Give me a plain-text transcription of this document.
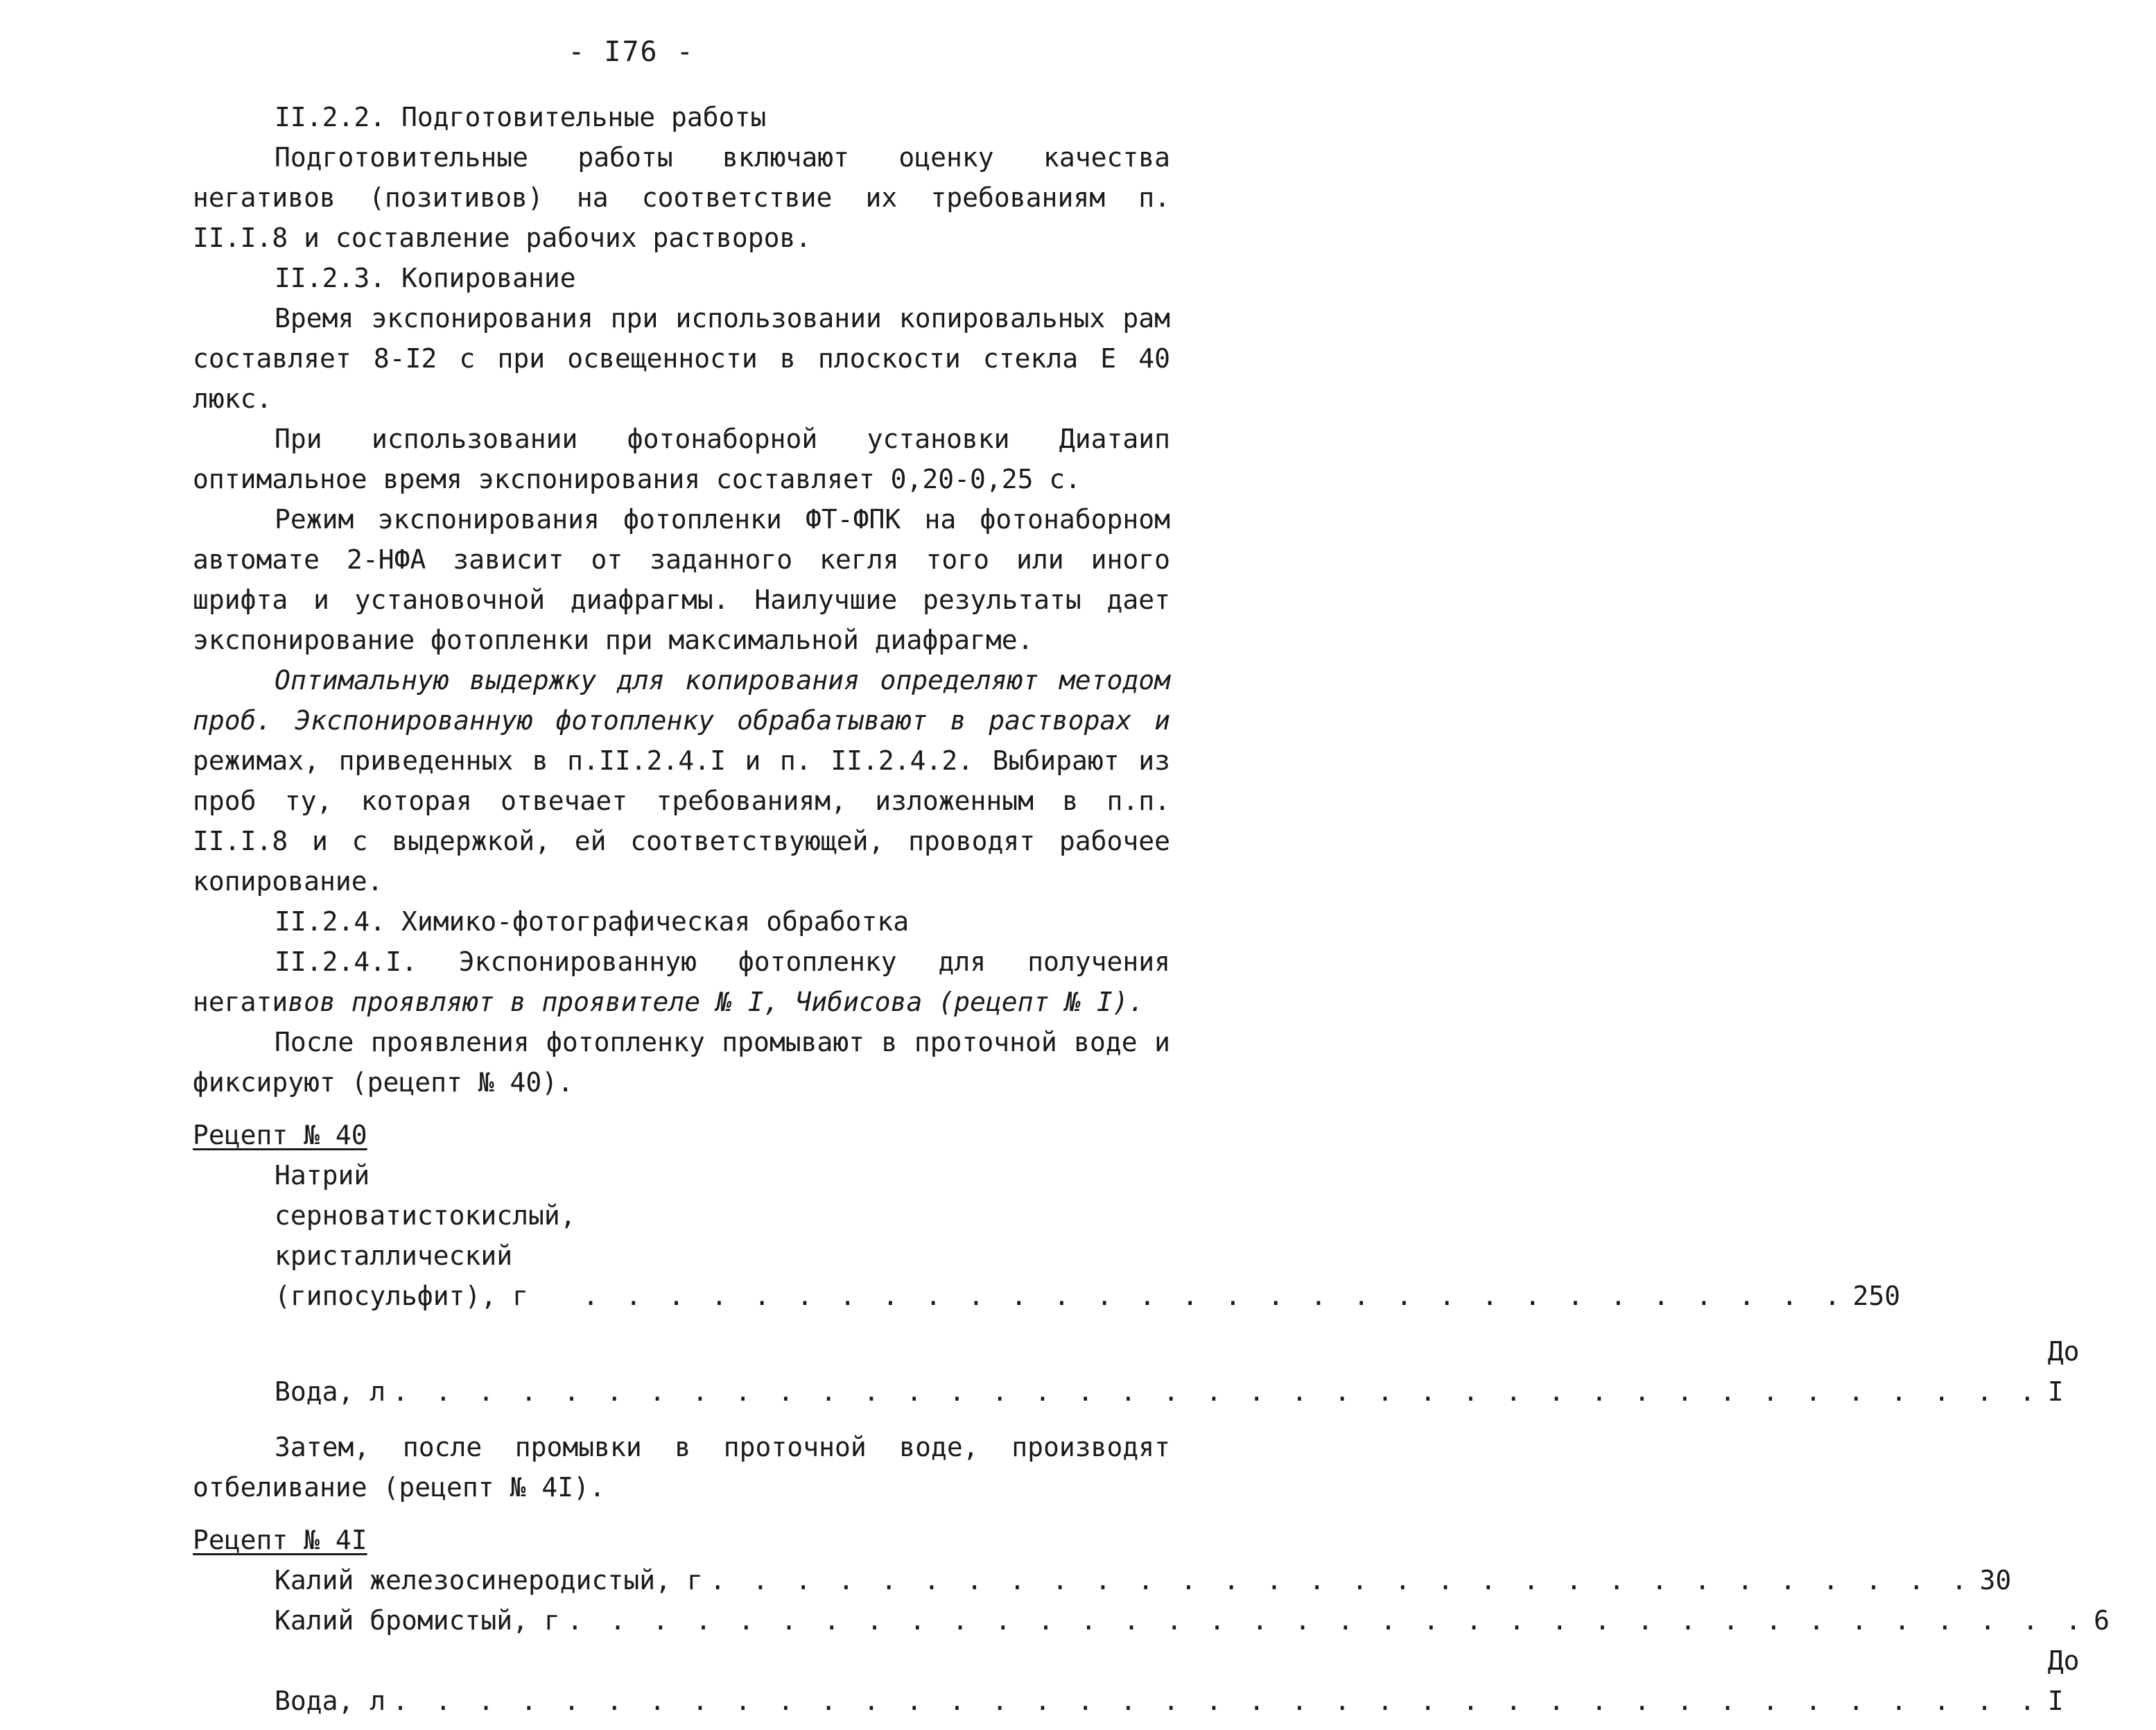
- I76 -

II.2.2. Подготовительные работы

Подготовительные работы включают оценку качества негативов (позитивов) на соответствие их требованиям п. II.I.8 и составление рабочих растворов.

II.2.3. Копирование

Время экспонирования при использовании копировальных рам составляет 8-I2 с при освещенности в плоскости стекла Е 40 люкс.

При использовании фотонаборной установки Диатаип оптимальное время экспонирования составляет 0,20-0,25 с.

Режим экспонирования фотопленки ФТ-ФПК на фотонаборном автомате 2-НФА зависит от заданного кегля того или иного шрифта и установочной диафрагмы. Наилучшие результаты дает экспонирование фотопленки при максимальной диафрагме.

Оптимальную выдержку для копирования определяют методом проб. Экспонированную фотопленку обрабатывают в растворах и режимах, приведенных в п.II.2.4.I и п. II.2.4.2. Выбирают из проб ту, которая отвечает требованиям, изложенным в п.п. II.I.8 и с выдержкой, ей соответствующей, проводят рабочее копирование.

II.2.4. Химико-фотографическая обработка

II.2.4.I. Экспонированную фотопленку для получения негативов проявляют в проявителе № I, Чибисова (рецепт № I).

После проявления фотопленку промывают в проточной воде и фиксируют (рецепт № 40).

Рецепт № 40

Натрий серноватистокислый, кристаллический
(гипосульфит), г	. . . . . . . . . . . . . . . . . . . . . . . . . . . . . . 250
Вода, л . . . . . . . . . . . . . . . . . . . . . . . . . . . . . . . . . . . . . . .
До I

Затем, после промывки в проточной воде, производят отбеливание (рецепт № 4I).

Рецепт № 4I

Калий железосинеродистый, г . . . . . . . . . . . . . . . . . . . . . . . . . . . . . . 30
Калий бромистый, г . . . . . . . . . . . . . . . . . . . . . . . . . . . . . . . . . . . . 6
Вода, л . . . . . . . . . . . . . . . . . . . . . . . . . . . . . . . . . . . . . . .
До I
